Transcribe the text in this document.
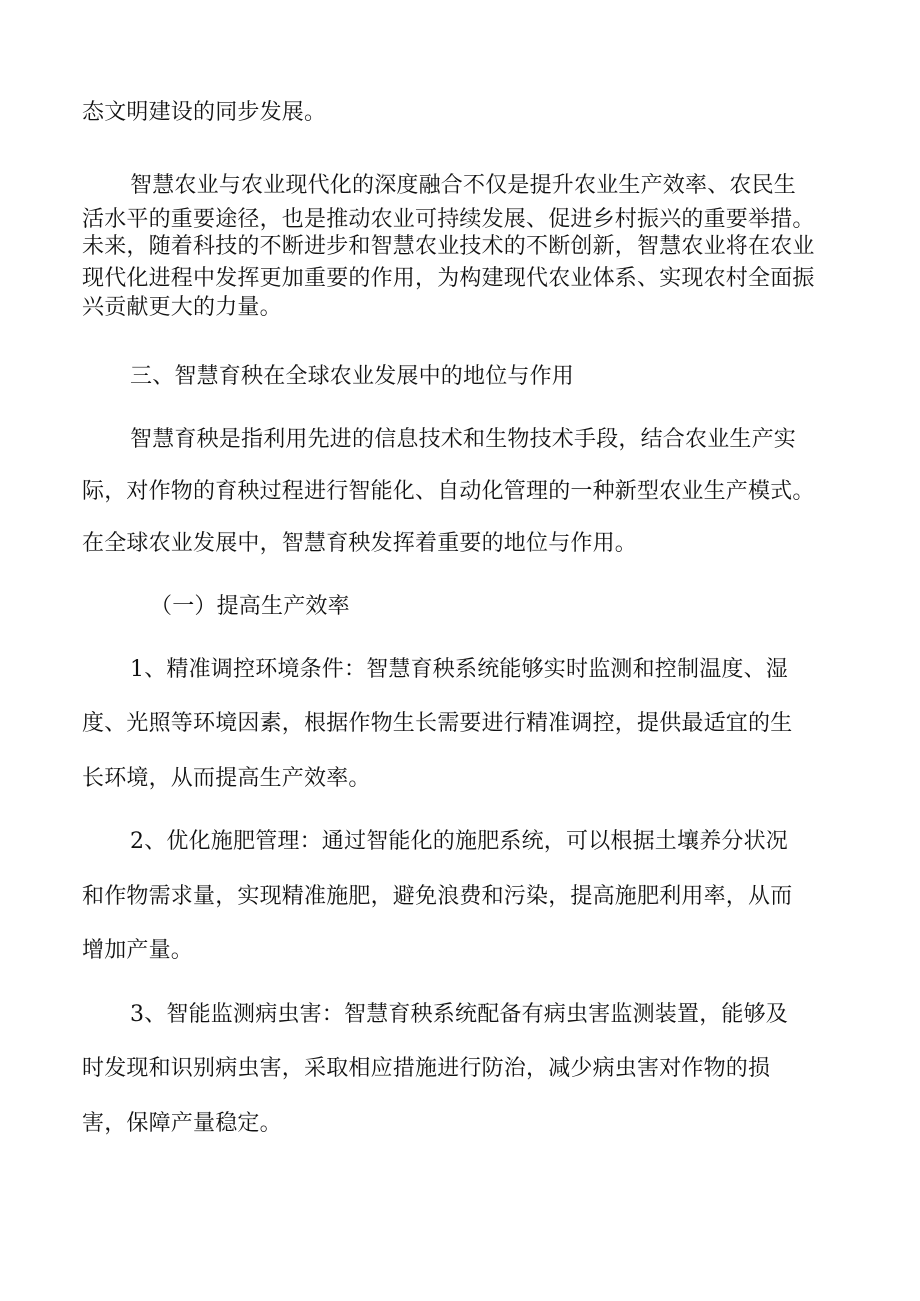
态文明建设的同步发展。

智慧农业与农业现代化的深度融合不仅是提升农业生产效率、农民生

活水平的重要途径，也是推动农业可持续发展、促进乡村振兴的重要举措。

未来，随着科技的不断进步和智慧农业技术的不断创新，智慧农业将在农业

现代化进程中发挥更加重要的作用，为构建现代农业体系、实现农村全面振

兴贡献更大的力量。

三、智慧育秧在全球农业发展中的地位与作用

智慧育秧是指利用先进的信息技术和生物技术手段，结合农业生产实

际，对作物的育秧过程进行智能化、自动化管理的一种新型农业生产模式。

在全球农业发展中，智慧育秧发挥着重要的地位与作用。

（一）提高生产效率

1、精准调控环境条件：智慧育秧系统能够实时监测和控制温度、湿

度、光照等环境因素，根据作物生长需要进行精准调控，提供最适宜的生

长环境，从而提高生产效率。

2、优化施肥管理：通过智能化的施肥系统，可以根据土壤养分状况

和作物需求量，实现精准施肥，避免浪费和污染，提高施肥利用率，从而

增加产量。

3、智能监测病虫害：智慧育秧系统配备有病虫害监测装置，能够及

时发现和识别病虫害，采取相应措施进行防治，减少病虫害对作物的损

害，保障产量稳定。
